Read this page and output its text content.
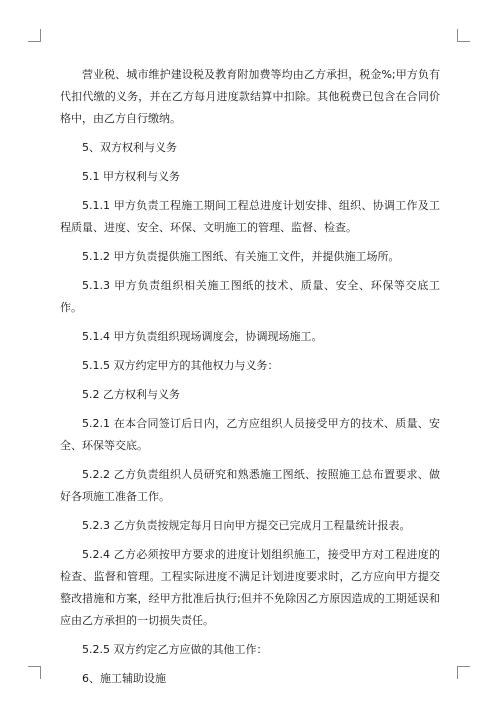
营业税、城市维护建设税及教育附加费等均由乙方承担，税金%;甲方负有代扣代缴的义务，并在乙方每月进度款结算中扣除。其他税费已包含在合同价格中，由乙方自行缴纳。

5、双方权利与义务

5.1 甲方权利与义务

5.1.1 甲方负责工程施工期间工程总进度计划安排、组织、协调工作及工程质量、进度、安全、环保、文明施工的管理、监督、检查。

5.1.2 甲方负责提供施工图纸、有关施工文件，并提供施工场所。

5.1.3 甲方负责组织相关施工图纸的技术、质量、安全、环保等交底工作。

5.1.4 甲方负责组织现场调度会，协调现场施工。

5.1.5 双方约定甲方的其他权力与义务：

5.2 乙方权利与义务

5.2.1 在本合同签订后日内，乙方应组织人员接受甲方的技术、质量、安全、环保等交底。

5.2.2 乙方负责组织人员研究和熟悉施工图纸、按照施工总布置要求、做好各项施工准备工作。

5.2.3 乙方负责按规定每月日向甲方提交已完成月工程量统计报表。

5.2.4 乙方必须按甲方要求的进度计划组织施工，接受甲方对工程进度的检查、监督和管理。工程实际进度不满足计划进度要求时，乙方应向甲方提交整改措施和方案，经甲方批准后执行;但并不免除因乙方原因造成的工期延误和应由乙方承担的一切损失责任。

5.2.5 双方约定乙方应做的其他工作：

6、施工辅助设施
